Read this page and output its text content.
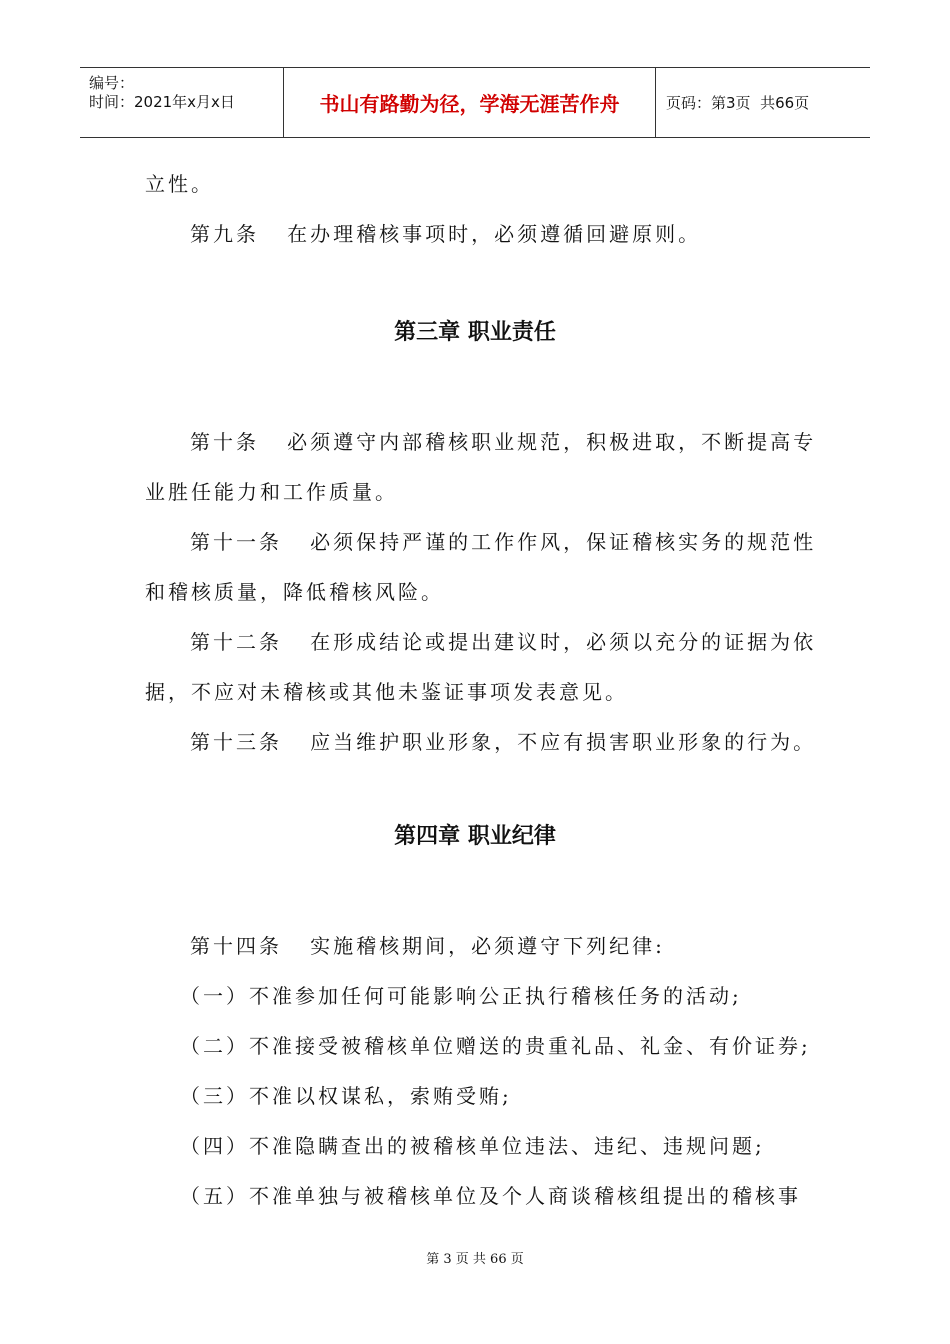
编号：
时间：2021年x月x日	书山有路勤为径，学海无涯苦作舟	页码：第3页  共66页
立性。
第九条   在办理稽核事项时，必须遵循回避原则。
第三章 职业责任
第十条   必须遵守内部稽核职业规范，积极进取，不断提高专
业胜任能力和工作质量。
第十一条   必须保持严谨的工作作风，保证稽核实务的规范性
和稽核质量，降低稽核风险。
第十二条   在形成结论或提出建议时，必须以充分的证据为依
据，不应对未稽核或其他未鉴证事项发表意见。
第十三条   应当维护职业形象，不应有损害职业形象的行为。
第四章 职业纪律
第十四条   实施稽核期间，必须遵守下列纪律:
（一）不准参加任何可能影响公正执行稽核任务的活动;
（二）不准接受被稽核单位赠送的贵重礼品、礼金、有价证券;
（三）不准以权谋私，索贿受贿;
（四）不准隐瞒查出的被稽核单位违法、违纪、违规问题;
（五）不准单独与被稽核单位及个人商谈稽核组提出的稽核事
第 3 页 共 66 页
